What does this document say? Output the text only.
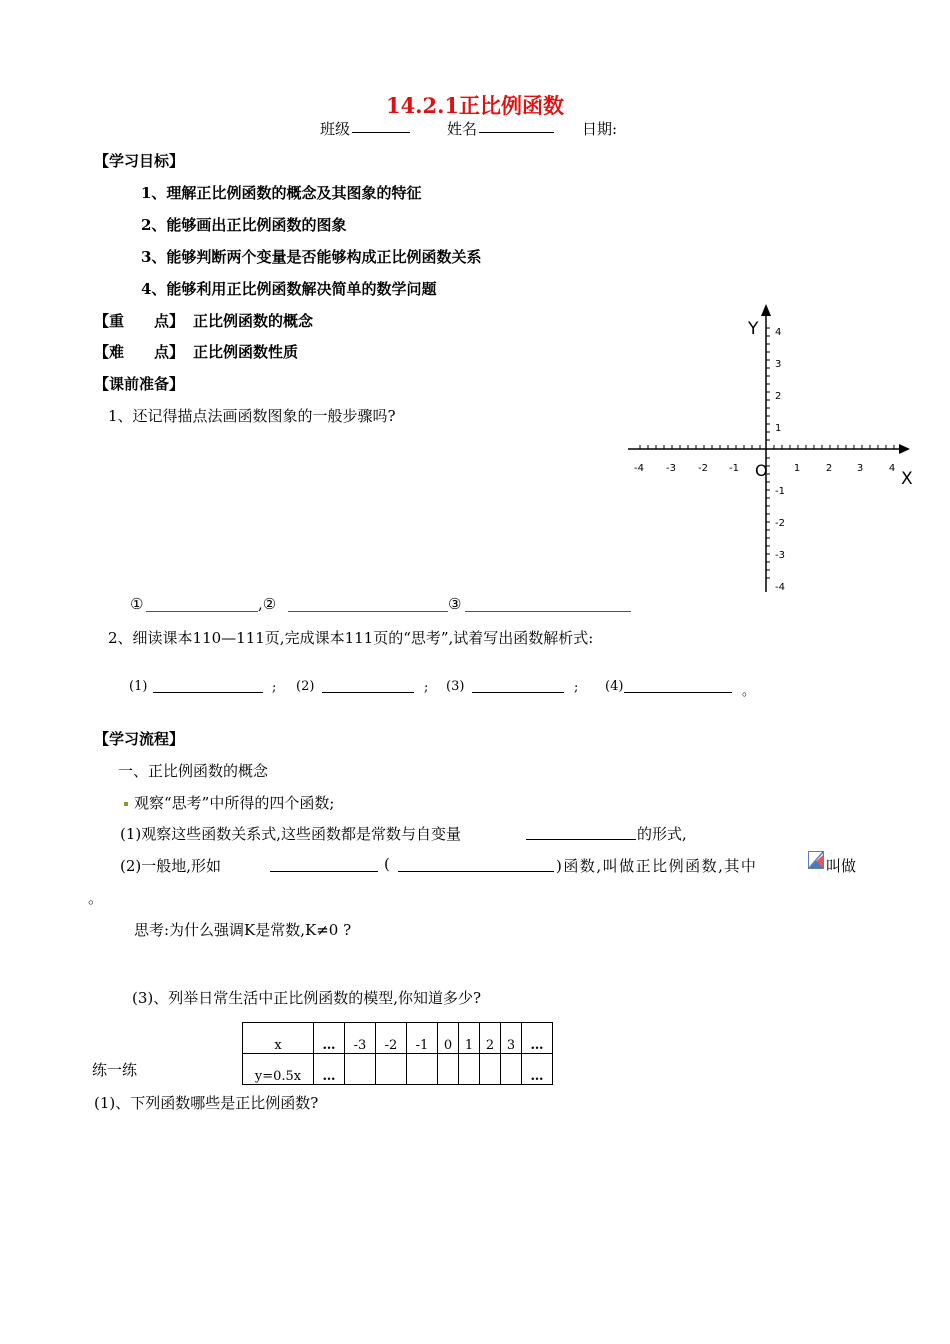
14.2.1正比例函数
班级	姓名	日期:
【学习目标】
1、理解正比例函数的概念及其图象的特征
2、能够画出正比例函数的图象
3、能够判断两个变量是否能够构成正比例函数关系
4、能够利用正比例函数解决简单的数学问题
【重　　点】 正比例函数的概念
【难　　点】 正比例函数性质
【课前准备】
1、还记得描点法画函数图象的一般步骤吗?
-4 -3 -2 -1	1	2 3	4
4
3
2
1
-1
-2
-3
-4
O	X
Y
①	,②	③
2、细读课本110—111页,完成课本111页的“思考”,试着写出函数解析式:
(1)	; (2)	; (3)	; (4)	。
【学习流程】
一、正比例函数的概念
观察“思考”中所得的四个函数;
(1)观察这些函数关系式,这些函数都是常数与自变量	的形式,
(2)一般地,形如	(	)函数,叫做正比例函数,其中	叫做
。
思考:为什么强调K是常数,K≠0 ?
(3)、列举日常生活中正比例函数的模型,你知道多少?
x	…	-3	-2	-1	0	1	2	3	…
y=0.5x	…								…
练一练
(1)、下列函数哪些是正比例函数?
